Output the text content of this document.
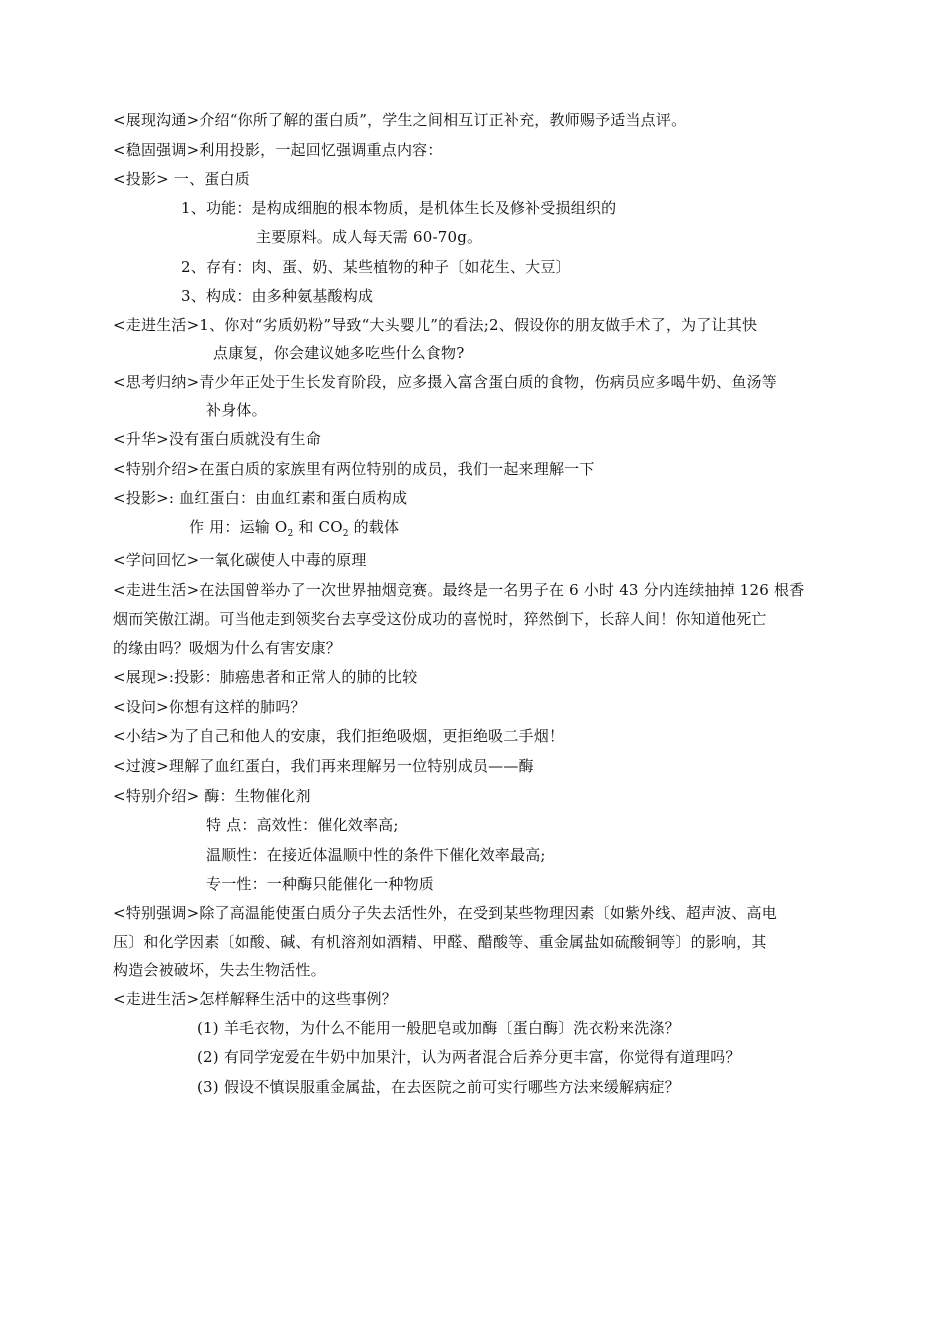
<展现沟通>介绍“你所了解的蛋白质”，学生之间相互订正补充，教师赐予适当点评。
<稳固强调>利用投影，一起回忆强调重点内容：
<投影> 一、蛋白质
1、功能：是构成细胞的根本物质，是机体生长及修补受损组织的
主要原料。成人每天需 60-70g。
2、存有：肉、蛋、奶、某些植物的种子〔如花生、大豆〕
3、构成：由多种氨基酸构成
<走进生活>1、你对“劣质奶粉”导致“大头婴儿”的看法;2、假设你的朋友做手术了，为了让其快
点康复，你会建议她多吃些什么食物?
<思考归纳>青少年正处于生长发育阶段，应多摄入富含蛋白质的食物，伤病员应多喝牛奶、鱼汤等
补身体。
<升华>没有蛋白质就没有生命
<特别介绍>在蛋白质的家族里有两位特别的成员，我们一起来理解一下
<投影>: 血红蛋白：由血红素和蛋白质构成
作 用：运输 $O_2$ 和 $CO_2$ 的载体
<学问回忆>一氧化碳使人中毒的原理
<走进生活>在法国曾举办了一次世界抽烟竞赛。最终是一名男子在 6 小时 43 分内连续抽掉 126 根香
烟而笑傲江湖。可当他走到领奖台去享受这份成功的喜悦时，猝然倒下，长辞人间！你知道他死亡
的缘由吗？吸烟为什么有害安康？
<展现>:投影：肺癌患者和正常人的肺的比较
<设问>你想有这样的肺吗？
<小结>为了自己和他人的安康，我们拒绝吸烟，更拒绝吸二手烟！
<过渡>理解了血红蛋白，我们再来理解另一位特别成员——酶
<特别介绍> 酶：生物催化剂
特 点：高效性：催化效率高;
温顺性：在接近体温顺中性的条件下催化效率最高;
专一性：一种酶只能催化一种物质
<特别强调>除了高温能使蛋白质分子失去活性外，在受到某些物理因素〔如紫外线、超声波、高电
压〕和化学因素〔如酸、碱、有机溶剂如酒精、甲醛、醋酸等、重金属盐如硫酸铜等〕的影响，其
构造会被破坏，失去生物活性。
<走进生活>怎样解释生活中的这些事例？
(1) 羊毛衣物，为什么不能用一般肥皂或加酶〔蛋白酶〕洗衣粉来洗涤？
(2) 有同学宠爱在牛奶中加果汁，认为两者混合后养分更丰富，你觉得有道理吗？
(3) 假设不慎误服重金属盐，在去医院之前可实行哪些方法来缓解病症？
